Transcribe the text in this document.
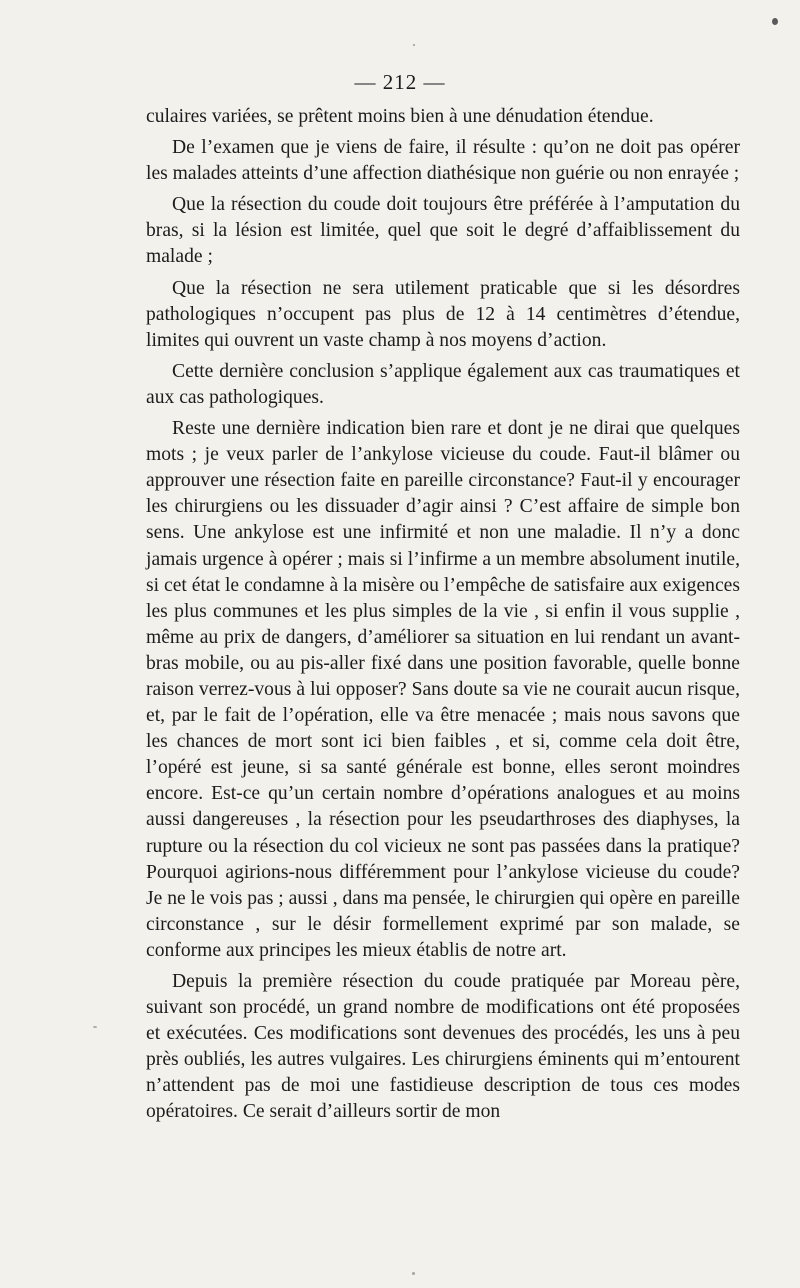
— 212 —

culaires variées, se prêtent moins bien à une dénudation étendue.

De l’examen que je viens de faire, il résulte : qu’on ne doit pas opérer les malades atteints d’une affection diathésique non guérie ou non enrayée ;

Que la résection du coude doit toujours être préférée à l’amputation du bras, si la lésion est limitée, quel que soit le degré d’affaiblissement du malade ;

Que la résection ne sera utilement praticable que si les désordres pathologiques n’occupent pas plus de 12 à 14 centimètres d’étendue, limites qui ouvrent un vaste champ à nos moyens d’action.

Cette dernière conclusion s’applique également aux cas traumatiques et aux cas pathologiques.

Reste une dernière indication bien rare et dont je ne dirai que quelques mots ; je veux parler de l’ankylose vicieuse du coude. Faut-il blâmer ou approuver une résection faite en pareille circonstance? Faut-il y encourager les chirurgiens ou les dissuader d’agir ainsi ? C’est affaire de simple bon sens. Une ankylose est une infirmité et non une maladie. Il n’y a donc jamais urgence à opérer ; mais si l’infirme a un membre absolument inutile, si cet état le condamne à la misère ou l’empêche de satisfaire aux exigences les plus communes et les plus simples de la vie , si enfin il vous supplie , même au prix de dangers, d’améliorer sa situation en lui rendant un avant-bras mobile, ou au pis-aller fixé dans une position favorable, quelle bonne raison verrez-vous à lui opposer? Sans doute sa vie ne courait aucun risque, et, par le fait de l’opération, elle va être menacée ; mais nous savons que les chances de mort sont ici bien faibles , et si, comme cela doit être, l’opéré est jeune, si sa santé générale est bonne, elles seront moindres encore. Est-ce qu’un certain nombre d’opérations analogues et au moins aussi dangereuses , la résection pour les pseudarthroses des diaphyses, la rupture ou la résection du col vicieux ne sont pas passées dans la pratique? Pourquoi agirions-nous différemment pour l’ankylose vicieuse du coude? Je ne le vois pas ; aussi , dans ma pensée, le chirurgien qui opère en pareille circonstance , sur le désir formellement exprimé par son malade, se conforme aux principes les mieux établis de notre art.

Depuis la première résection du coude pratiquée par Moreau père, suivant son procédé, un grand nombre de modifications ont été proposées et exécutées. Ces modifications sont devenues des procédés, les uns à peu près oubliés, les autres vulgaires. Les chirurgiens éminents qui m’entourent n’attendent pas de moi une fastidieuse description de tous ces modes opératoires. Ce serait d’ailleurs sortir de mon
